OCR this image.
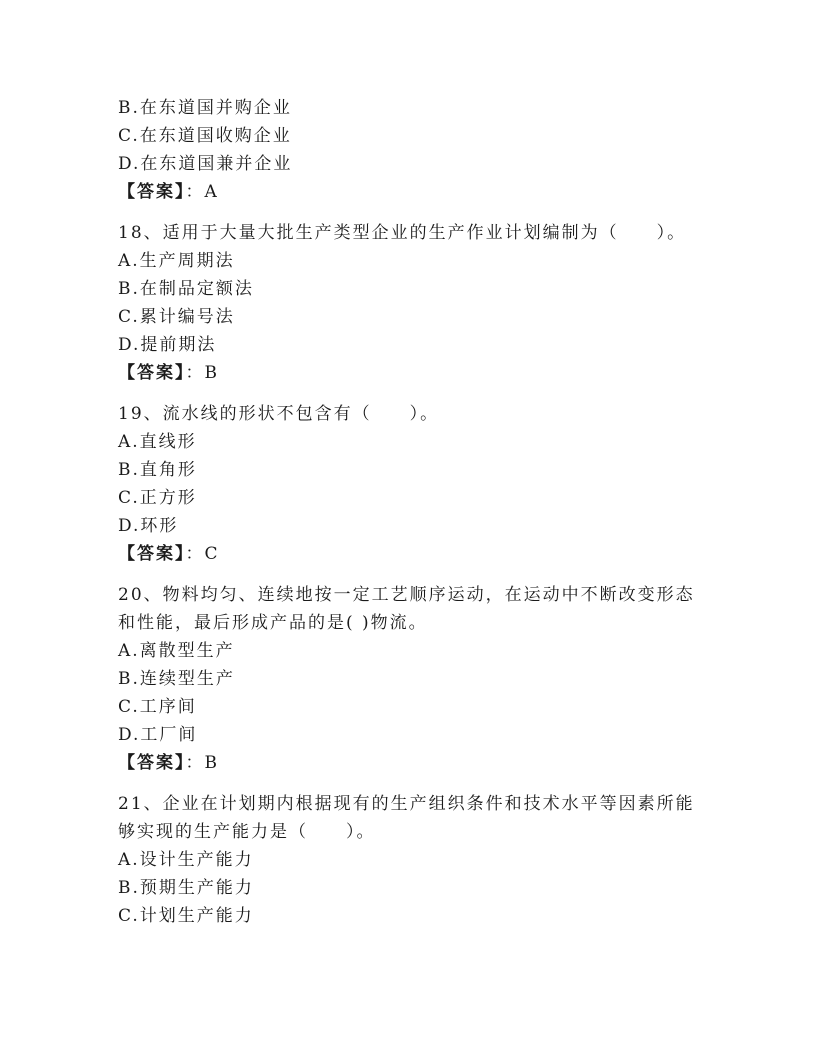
B.在东道国并购企业
C.在东道国收购企业
D.在东道国兼并企业
【答案】：A
18、适用于大量大批生产类型企业的生产作业计划编制为（　　）。
A.生产周期法
B.在制品定额法
C.累计编号法
D.提前期法
【答案】：B
19、流水线的形状不包含有（　　）。
A.直线形
B.直角形
C.正方形
D.环形
【答案】：C
20、物料均匀、连续地按一定工艺顺序运动，在运动中不断改变形态
和性能，最后形成产品的是( )物流。
A.离散型生产
B.连续型生产
C.工序间
D.工厂间
【答案】：B
21、企业在计划期内根据现有的生产组织条件和技术水平等因素所能
够实现的生产能力是（　　）。
A.设计生产能力
B.预期生产能力
C.计划生产能力
